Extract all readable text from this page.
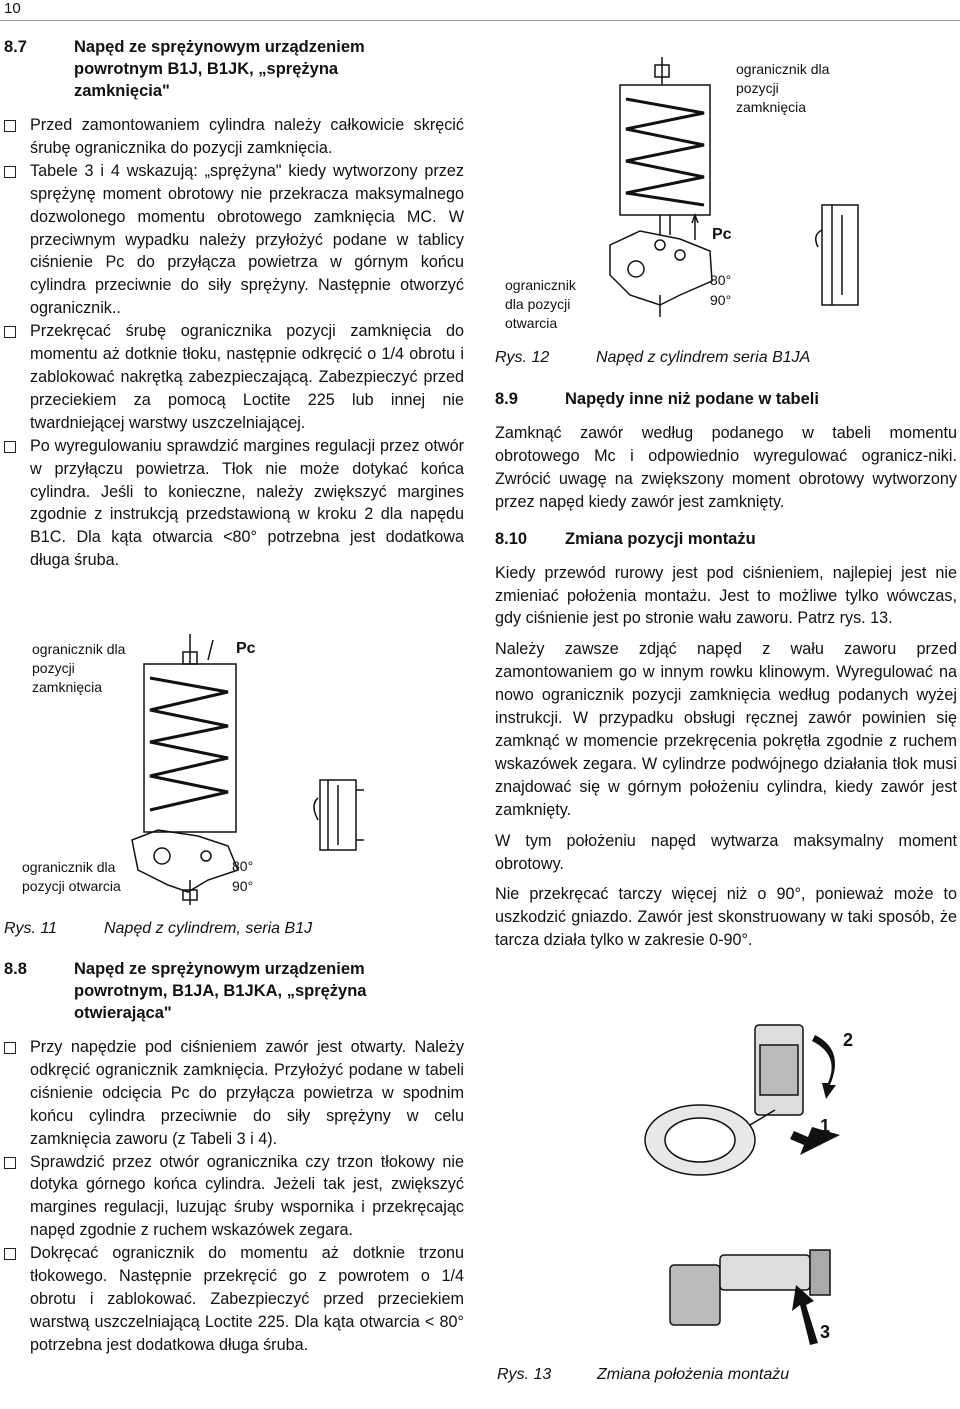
10
8.7	Napęd ze sprężynowym urządzeniem
powrotnym B1J, B1JK, „sprężyna
zamknięcia"
Przed zamontowaniem cylindra należy całkowicie skręcić śrubę ogranicznika do pozycji zamknięcia.
Tabele 3 i 4 wskazują: „sprężyna" kiedy wytworzony przez sprężynę moment obrotowy nie przekracza maksymalnego dozwolonego momentu obrotowego zamknięcia MC. W przeciwnym wypadku należy przyłożyć podane w tablicy ciśnienie Pc do przyłącza powietrza w górnym końcu cylindra przeciwnie do siły sprężyny. Następnie otworzyć ogranicznik..
Przekręcać śrubę ogranicznika pozycji zamknięcia do momentu aż dotknie tłoku, następnie odkręcić o 1/4 obrotu i zablokować nakrętką zabezpieczającą. Zabezpieczyć przed przeciekiem za pomocą Loctite 225 lub innej nie twardniejącej warstwy uszczelniającej.
Po wyregulowaniu sprawdzić margines regulacji przez otwór w przyłączu powietrza. Tłok nie może dotykać końca cylindra. Jeśli to konieczne, należy zwiększyć margines zgodnie z instrukcją przedstawioną w kroku 2 dla napędu B1C. Dla kąta otwarcia <80° potrzebna jest dodatkowa długa śruba.
ogranicznik dla pozycji zamknięcia
ogranicznik dla pozycji otwarcia
Pc
80°
90°
Rys. 11	Napęd z cylindrem, seria B1J
8.8	Napęd ze sprężynowym urządzeniem
powrotnym, B1JA, B1JKA, „sprężyna
otwierająca"
Przy napędzie pod ciśnieniem zawór jest otwarty. Należy odkręcić ogranicznik zamknięcia. Przyłożyć podane w tabeli ciśnienie odcięcia Pc do przyłącza powietrza w spodnim końcu cylindra przeciwnie do siły sprężyny w celu zamknięcia zaworu (z Tabeli 3 i 4).
Sprawdzić przez otwór ogranicznika czy trzon tłokowy nie dotyka górnego końca cylindra. Jeżeli tak jest, zwiększyć margines regulacji, luzując śruby wspornika i przekręcając napęd zgodnie z ruchem wskazówek zegara.
Dokręcać ogranicznik do momentu aż dotknie trzonu tłokowego. Następnie przekręcić go z powrotem o 1/4 obrotu i zablokować. Zabezpieczyć przed przeciekiem warstwą uszczelniającą Loctite 225. Dla kąta otwarcia < 80° potrzebna jest dodatkowa długa śruba.
ogranicznik dla pozycji zamknięcia
ogranicznik dla pozycji otwarcia
Pc
80°
90°
Rys. 12	Napęd z cylindrem seria B1JA
8.9	Napędy inne niż podane w tabeli
Zamknąć zawór według podanego w tabeli momentu obrotowego Mc i odpowiednio wyregulować ogranicz-niki. Zwrócić uwagę na zwiększony moment obrotowy wytworzony przez napęd kiedy zawór jest zamknięty.
8.10	Zmiana pozycji montażu
Kiedy przewód rurowy jest pod ciśnieniem, najlepiej jest nie zmieniać położenia montażu. Jest to możliwe tylko wówczas, gdy ciśnienie jest po stronie wału zaworu. Patrz rys. 13.
Należy zawsze zdjąć napęd z wału zaworu przed zamontowaniem go w innym rowku klinowym. Wyregulować na nowo ogranicznik pozycji zamknięcia według podanych wyżej instrukcji. W przypadku obsługi ręcznej zawór powinien się zamknąć w momencie przekręcenia pokrętła zgodnie z ruchem wskazówek zegara. W cylindrze podwójnego działania tłok musi znajdować się w górnym położeniu cylindra, kiedy zawór jest zamknięty.
W tym położeniu napęd wytwarza maksymalny moment obrotowy.
Nie przekręcać tarczy więcej niż o 90°, ponieważ może to uszkodzić gniazdo. Zawór jest skonstruowany w taki sposób, że tarcza działa tylko w zakresie 0-90°.
2
1
3
Rys. 13	Zmiana położenia montażu
